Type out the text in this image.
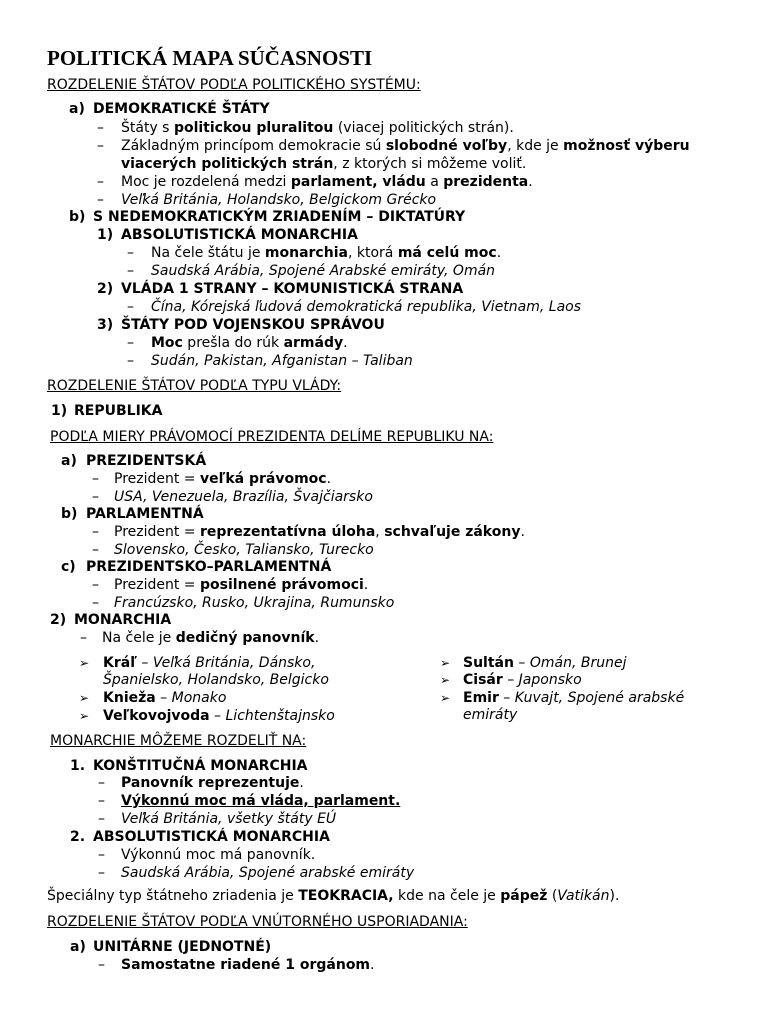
POLITICKÁ MAPA SÚČASNOSTI
ROZDELENIE ŠTÁTOV PODĽA POLITICKÉHO SYSTÉMU:
a) DEMOKRATICKÉ ŠTÁTY
– Štáty s politickou pluralitou (viacej politických strán).
– Základným princípom demokracie sú slobodné voľby, kde je možnosť výberu
viacerých politických strán, z ktorých si môžeme voliť.
– Moc je rozdelená medzi parlament, vládu a prezidenta.
– Veľká Británia, Holandsko, Belgickom Grécko
b) S NEDEMOKRATICKÝM ZRIADENÍM – DIKTATÚRY
1) ABSOLUTISTICKÁ MONARCHIA
– Na čele štátu je monarchia, ktorá má celú moc.
– Saudská Arábia, Spojené Arabské emiráty, Omán
2) VLÁDA 1 STRANY – KOMUNISTICKÁ STRANA
– Čína, Kórejská ľudová demokratická republika, Vietnam, Laos
3) ŠTÁTY POD VOJENSKOU SPRÁVOU
– Moc prešla do rúk armády.
– Sudán, Pakistan, Afganistan – Taliban
ROZDELENIE ŠTÁTOV PODĽA TYPU VLÁDY:
1) REPUBLIKA
PODĽA MIERY PRÁVOMOCÍ PREZIDENTA DELÍME REPUBLIKU NA:
a) PREZIDENTSKÁ
– Prezident = veľká právomoc.
– USA, Venezuela, Brazília, Švajčiarsko
b) PARLAMENTNÁ
– Prezident = reprezentatívna úloha, schvaľuje zákony.
– Slovensko, Česko, Taliansko, Turecko
c) PREZIDENTSKO–PARLAMENTNÁ
– Prezident = posilnené právomoci.
– Francúzsko, Rusko, Ukrajina, Rumunsko
2) MONARCHIA
– Na čele je dedičný panovník.
➢ Kráľ – Veľká Británia, Dánsko,
Španielsko, Holandsko, Belgicko
➢ Knieža – Monako
➢ Veľkovojvoda – Lichtenštajnsko
➢ Sultán – Omán, Brunej
➢ Cisár – Japonsko
➢ Emir – Kuvajt, Spojené arabské
emiráty
MONARCHIE MÔŽEME ROZDELIŤ NA:
1. KONŠTITUČNÁ MONARCHIA
– Panovník reprezentuje.
– Výkonnú moc má vláda, parlament.
– Veľká Británia, všetky štáty EÚ
2. ABSOLUTISTICKÁ MONARCHIA
– Výkonnú moc má panovník.
– Saudská Arábia, Spojené arabské emiráty
Špeciálny typ štátneho zriadenia je TEOKRACIA, kde na čele je pápež (Vatikán).
ROZDELENIE ŠTÁTOV PODĽA VNÚTORNÉHO USPORIADANIA:
a) UNITÁRNE (JEDNOTNÉ)
– Samostatne riadené 1 orgánom.
